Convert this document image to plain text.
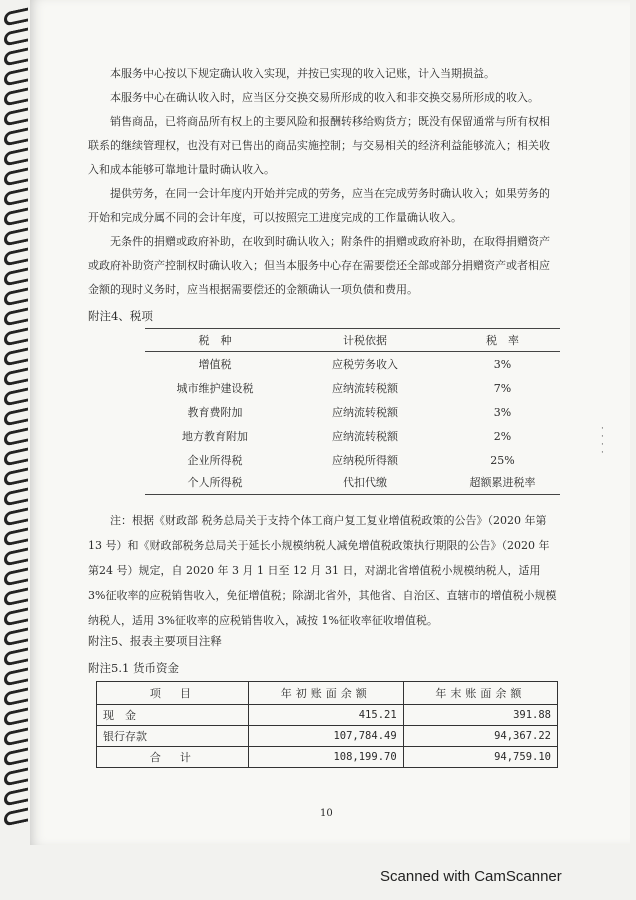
本服务中心按以下规定确认收入实现，并按已实现的收入记账，计入当期损益。

本服务中心在确认收入时，应当区分交换交易所形成的收入和非交换交易所形成的收入。

销售商品，已将商品所有权上的主要风险和报酬转移给购货方；既没有保留通常与所有权相联系的继续管理权，也没有对已售出的商品实施控制；与交易相关的经济利益能够流入；相关收入和成本能够可靠地计量时确认收入。

提供劳务，在同一会计年度内开始并完成的劳务，应当在完成劳务时确认收入；如果劳务的开始和完成分属不同的会计年度，可以按照完工进度完成的工作量确认收入。

无条件的捐赠或政府补助，在收到时确认收入；附条件的捐赠或政府补助，在取得捐赠资产或政府补助资产控制权时确认收入；但当本服务中心存在需要偿还全部或部分捐赠资产或者相应金额的现时义务时，应当根据需要偿还的金额确认一项负债和费用。

附注4、税项
税　种	计税依据	税　率
增值税	应税劳务收入	3%
城市维护建设税	应纳流转税额	7%
教育费附加	应纳流转税额	3%
地方教育附加	应纳流转税额	2%
企业所得税	应纳税所得额	25%
个人所得税	代扣代缴	超额累进税率

注：根据《财政部 税务总局关于支持个体工商户复工复业增值税政策的公告》（2020 年第 13 号）和《财政部税务总局关于延长小规模纳税人减免增值税政策执行期限的公告》（2020 年第24 号）规定，自 2020 年 3 月 1 日至 12 月 31 日，对湖北省增值税小规模纳税人，适用 3%征收率的应税销售收入，免征增值税；除湖北省外，其他省、自治区、直辖市的增值税小规模纳税人，适用 3%征收率的应税销售收入，减按 1%征收率征收增值税。

附注5、报表主要项目注释
附注5.1 货币资金
项　目	年初账面余额	年末账面余额
现　金	415.21	391.88
银行存款	107,784.49	94,367.22
合　计	108,199.70	94,759.10
10
·
·
·
·
Scanned with CamScanner
